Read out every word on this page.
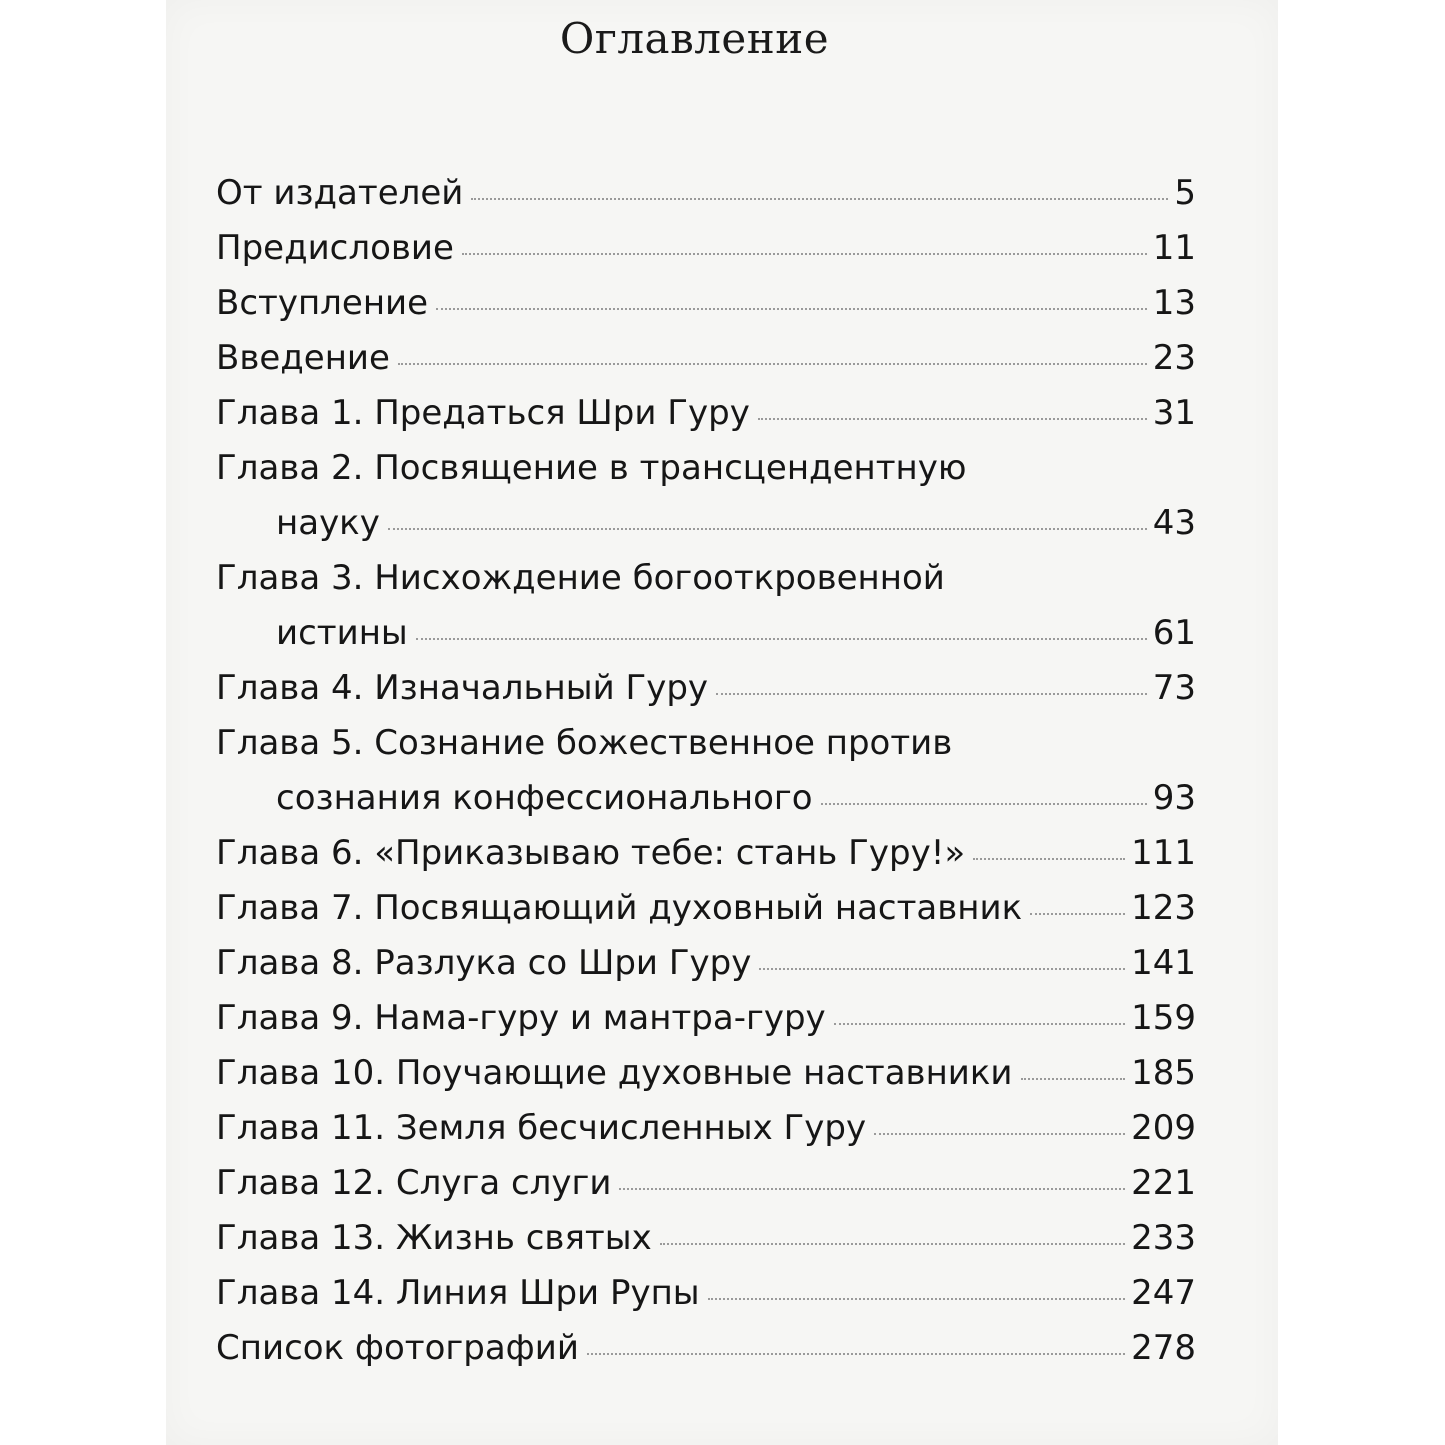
Оглавление
От издателей	5
Предисловие	11
Вступление	13
Введение	23
Глава 1. Предаться Шри Гуру	31
Глава 2. Посвящение в трансцендентную
науку	43
Глава 3. Нисхождение богооткровенной
истины	61
Глава 4. Изначальный Гуру	73
Глава 5. Сознание божественное против
сознания конфессионального	93
Глава 6. «Приказываю тебе: стань Гуру!»	111
Глава 7. Посвящающий духовный наставник	123
Глава 8. Разлука со Шри Гуру	141
Глава 9. Нама-гуру и мантра-гуру	159
Глава 10. Поучающие духовные наставники	185
Глава 11. Земля бесчисленных Гуру	209
Глава 12. Слуга слуги	221
Глава 13. Жизнь святых	233
Глава 14. Линия Шри Рупы	247
Список фотографий	278
